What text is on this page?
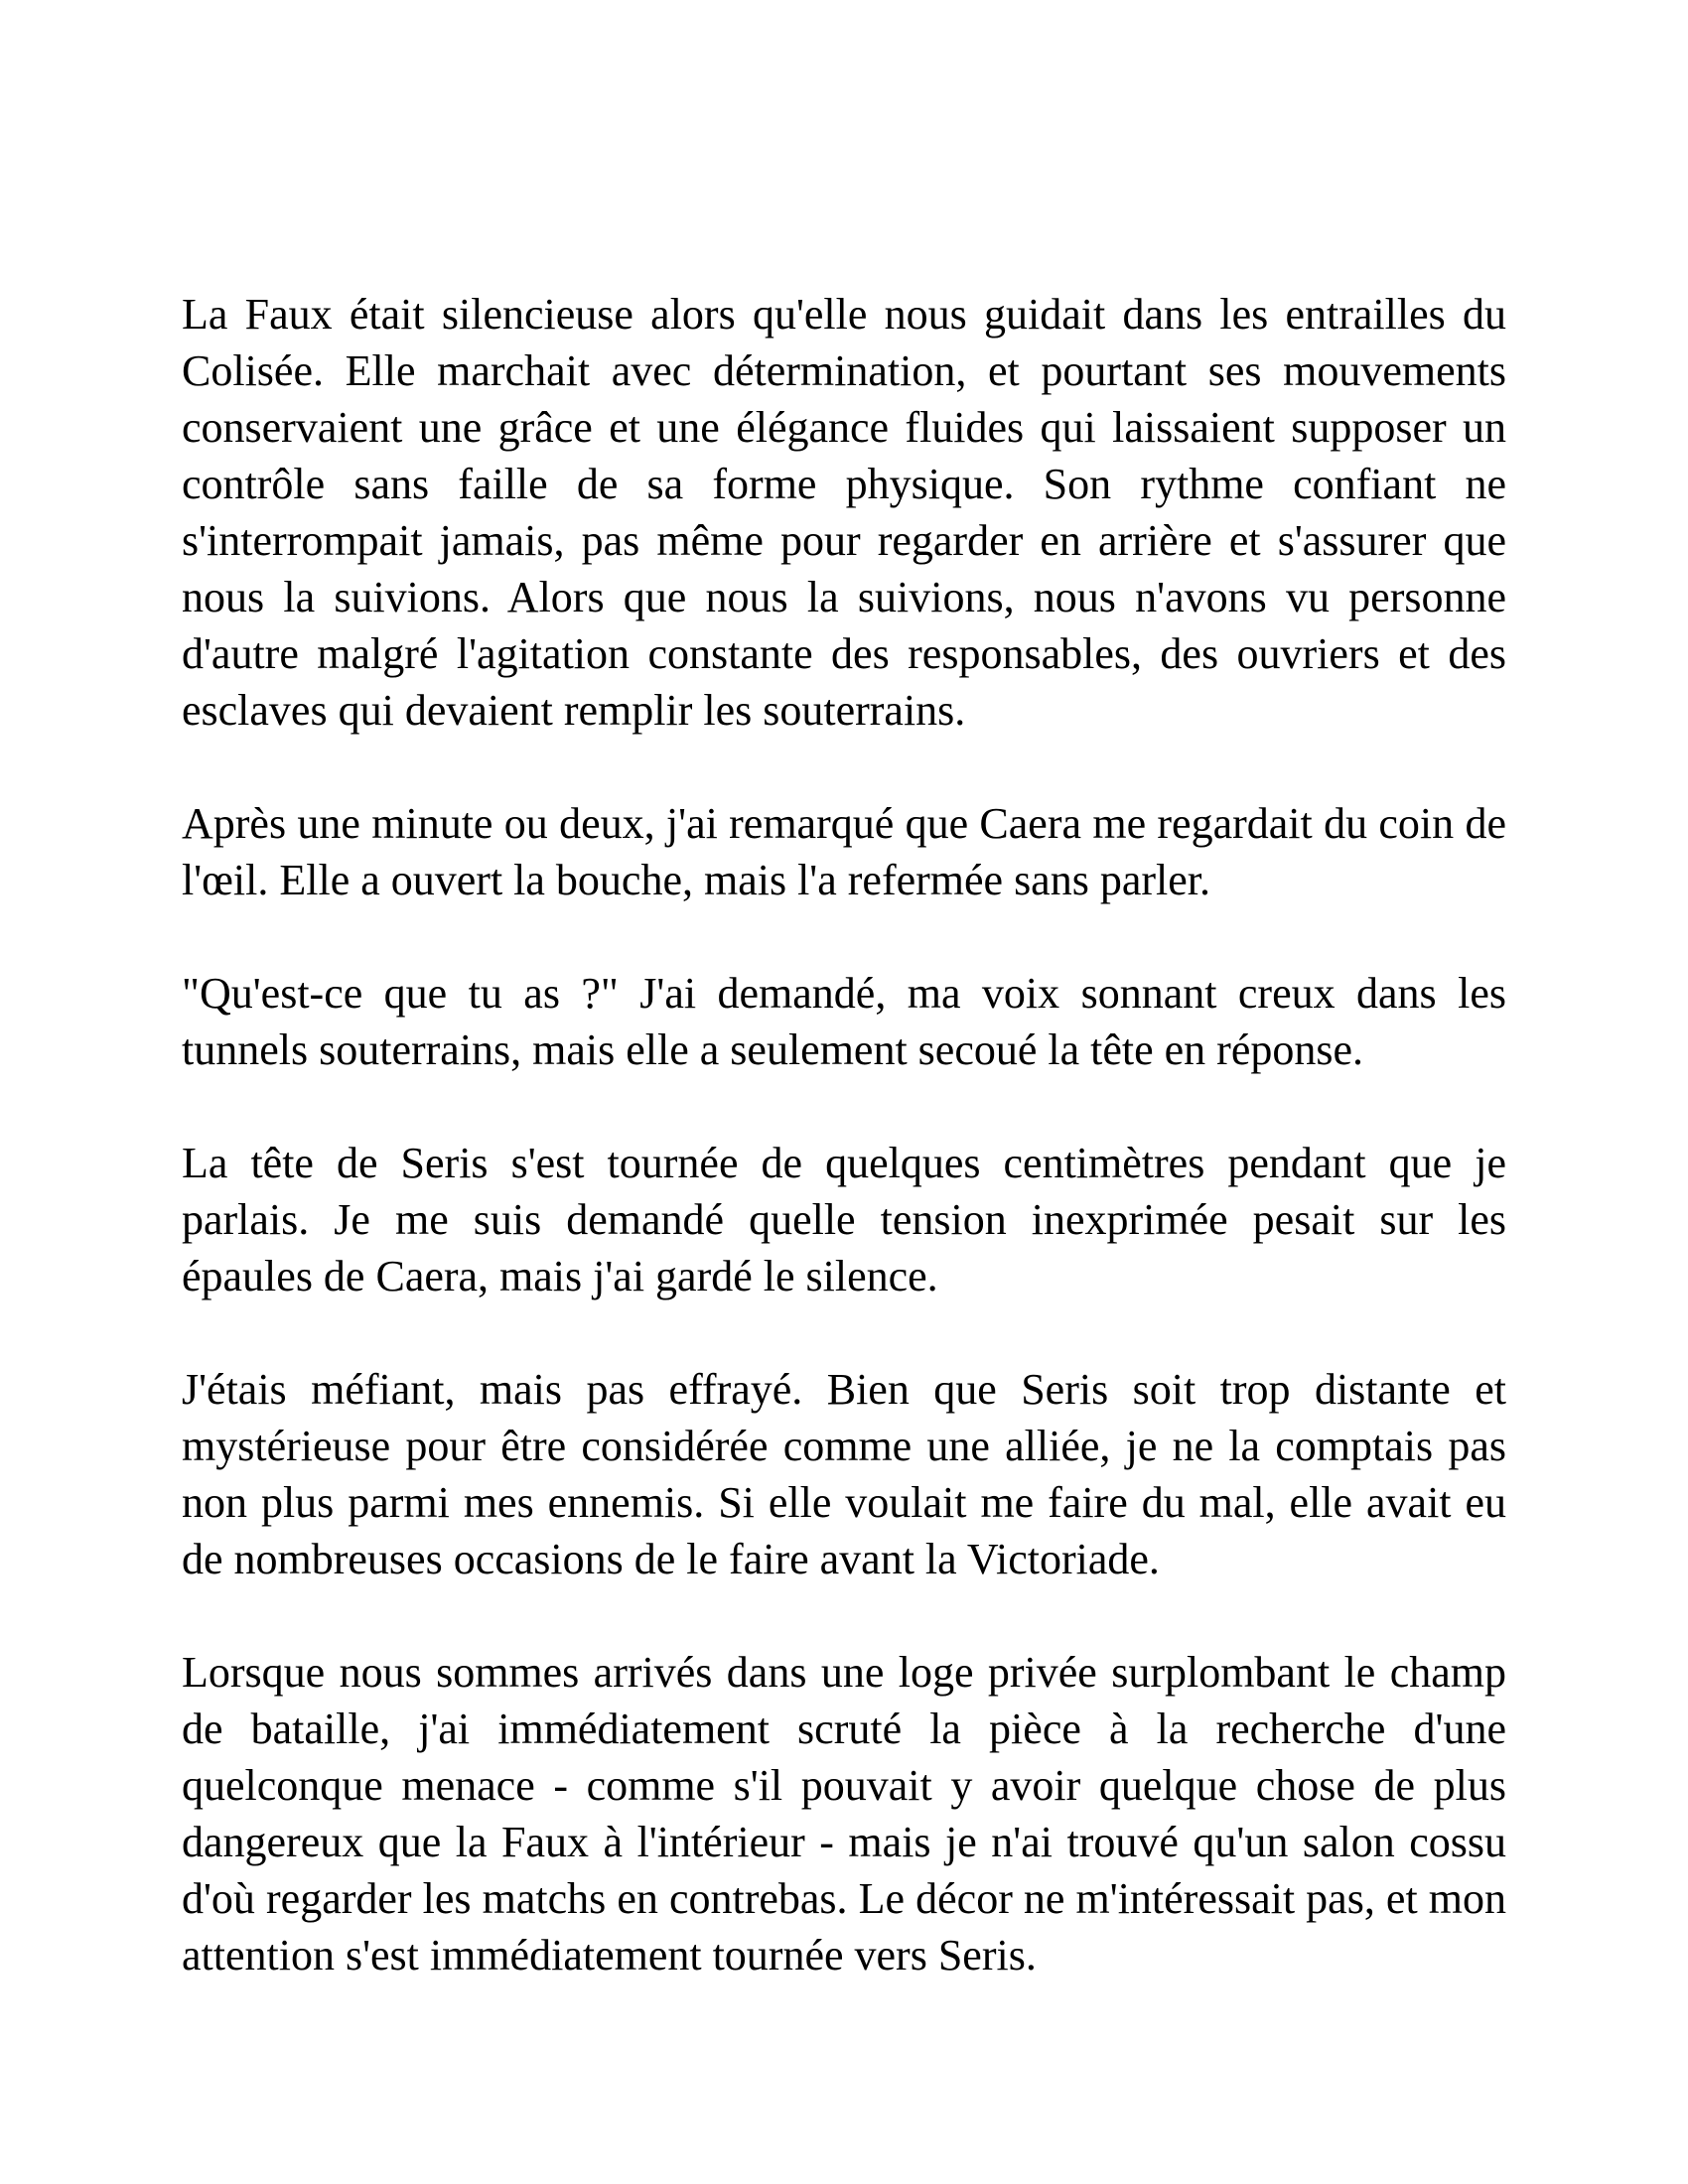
La Faux était silencieuse alors qu'elle nous guidait dans les entrailles du Colisée. Elle marchait avec détermination, et pourtant ses mouvements conservaient une grâce et une élégance fluides qui laissaient supposer un contrôle sans faille de sa forme physique. Son rythme confiant ne s'interrompait jamais, pas même pour regarder en arrière et s'assurer que nous la suivions. Alors que nous la suivions, nous n'avons vu personne d'autre malgré l'agitation constante des responsables, des ouvriers et des esclaves qui devaient remplir les souterrains.

Après une minute ou deux, j'ai remarqué que Caera me regardait du coin de l'œil. Elle a ouvert la bouche, mais l'a refermée sans parler.

"Qu'est-ce que tu as ?" J'ai demandé, ma voix sonnant creux dans les tunnels souterrains, mais elle a seulement secoué la tête en réponse.

La tête de Seris s'est tournée de quelques centimètres pendant que je parlais. Je me suis demandé quelle tension inexprimée pesait sur les épaules de Caera, mais j'ai gardé le silence.

J'étais méfiant, mais pas effrayé. Bien que Seris soit trop distante et mystérieuse pour être considérée comme une alliée, je ne la comptais pas non plus parmi mes ennemis. Si elle voulait me faire du mal, elle avait eu de nombreuses occasions de le faire avant la Victoriade.

Lorsque nous sommes arrivés dans une loge privée surplombant le champ de bataille, j'ai immédiatement scruté la pièce à la recherche d'une quelconque menace - comme s'il pouvait y avoir quelque chose de plus dangereux que la Faux à l'intérieur - mais je n'ai trouvé qu'un salon cossu d'où regarder les matchs en contrebas. Le décor ne m'intéressait pas, et mon attention s'est immédiatement tournée vers Seris.
